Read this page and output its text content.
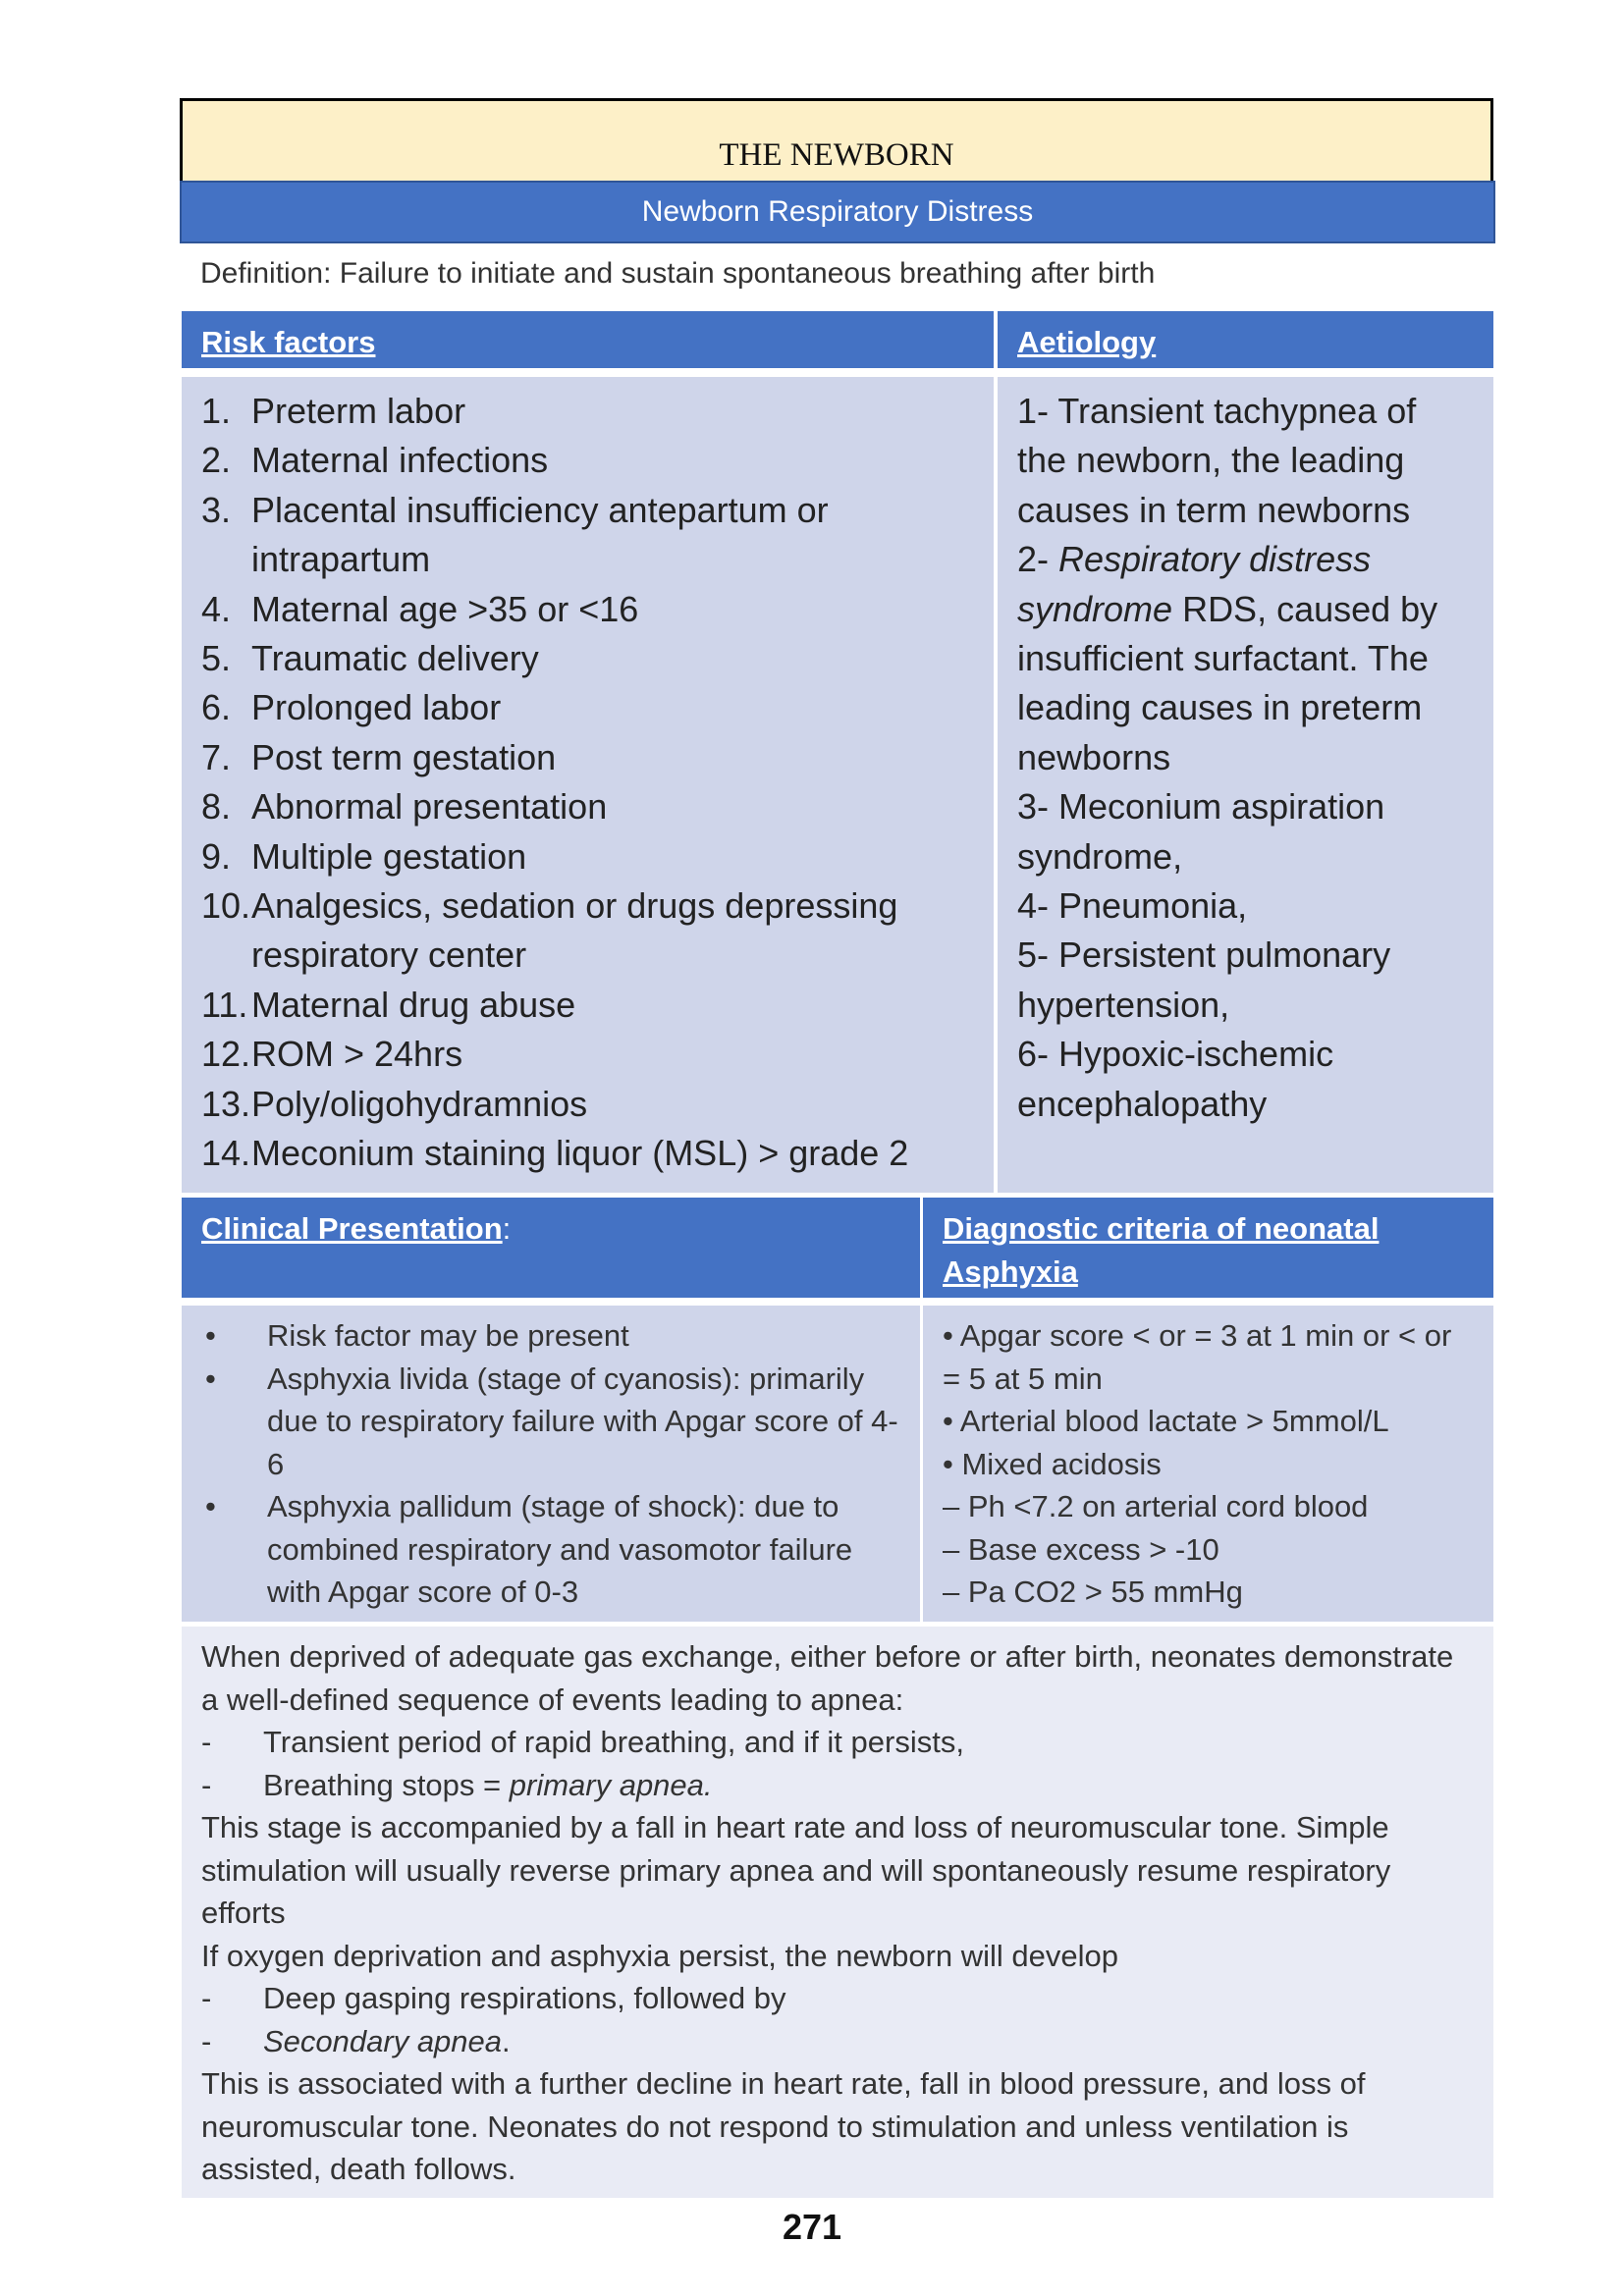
THE NEWBORN
Newborn Respiratory Distress
Definition: Failure to initiate and sustain spontaneous breathing after birth
Risk factors	Aetiology
1. Preterm labor
2. Maternal infections
3. Placental insufficiency antepartum or intrapartum
4. Maternal age >35 or <16
5. Traumatic delivery
6. Prolonged labor
7. Post term gestation
8. Abnormal presentation
9. Multiple gestation
10. Analgesics, sedation or drugs depressing respiratory center
11. Maternal drug abuse
12. ROM > 24hrs
13. Poly/oligohydramnios
14. Meconium staining liquor (MSL) > grade 2
1- Transient tachypnea of the newborn, the leading causes in term newborns
2- Respiratory distress syndrome RDS, caused by insufficient surfactant. The leading causes in preterm newborns
3- Meconium aspiration syndrome,
4- Pneumonia,
5- Persistent pulmonary hypertension,
6- Hypoxic-ischemic encephalopathy
Clinical Presentation:	Diagnostic criteria of neonatal Asphyxia
•	Risk factor may be present
•	Asphyxia livida (stage of cyanosis): primarily due to respiratory failure with Apgar score of 4-6
•	Asphyxia pallidum (stage of shock): due to combined respiratory and vasomotor failure with Apgar score of 0-3
• Apgar score < or = 3 at 1 min or < or = 5 at 5 min
• Arterial blood lactate > 5mmol/L
• Mixed acidosis
– Ph <7.2 on arterial cord blood
– Base excess > -10
– Pa CO2 > 55 mmHg
When deprived of adequate gas exchange, either before or after birth, neonates demonstrate a well-defined sequence of events leading to apnea:
-	Transient period of rapid breathing, and if it persists,
-	Breathing stops = primary apnea.
This stage is accompanied by a fall in heart rate and loss of neuromuscular tone. Simple stimulation will usually reverse primary apnea and will spontaneously resume respiratory efforts
If oxygen deprivation and asphyxia persist, the newborn will develop
-	Deep gasping respirations, followed by
-	Secondary apnea.
This is associated with a further decline in heart rate, fall in blood pressure, and loss of neuromuscular tone. Neonates do not respond to stimulation and unless ventilation is assisted, death follows.
271
